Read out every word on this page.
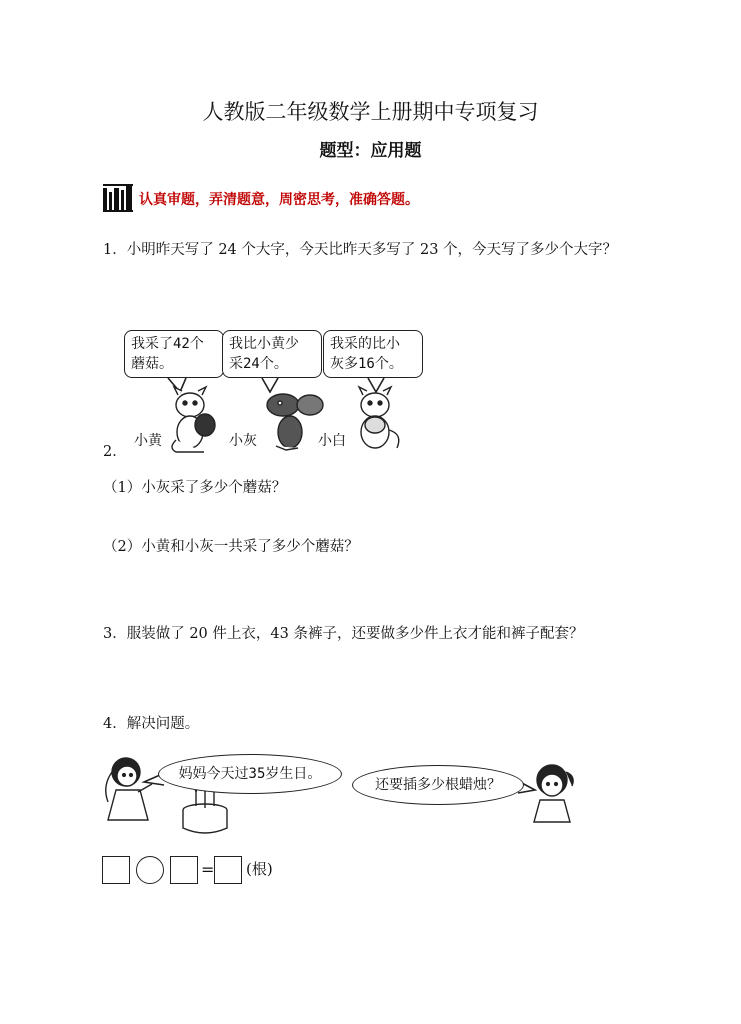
人教版二年级数学上册期中专项复习
题型：应用题
认真审题，弄清题意，周密思考，准确答题。
1．小明昨天写了 24 个大字，今天比昨天多写了 23 个，今天写了多少个大字？
我采了42个
蘑菇。
我比小黄少
采24个。
我采的比小
灰多16个。
小黄	小灰	小白
2．
（1）小灰采了多少个蘑菇？
（2）小黄和小灰一共采了多少个蘑菇？
3．服装做了 20 件上衣，43 条裤子，还要做多少件上衣才能和裤子配套？
4．解决问题。
妈妈今天过35岁生日。
还要插多少根蜡烛？
= (根)
